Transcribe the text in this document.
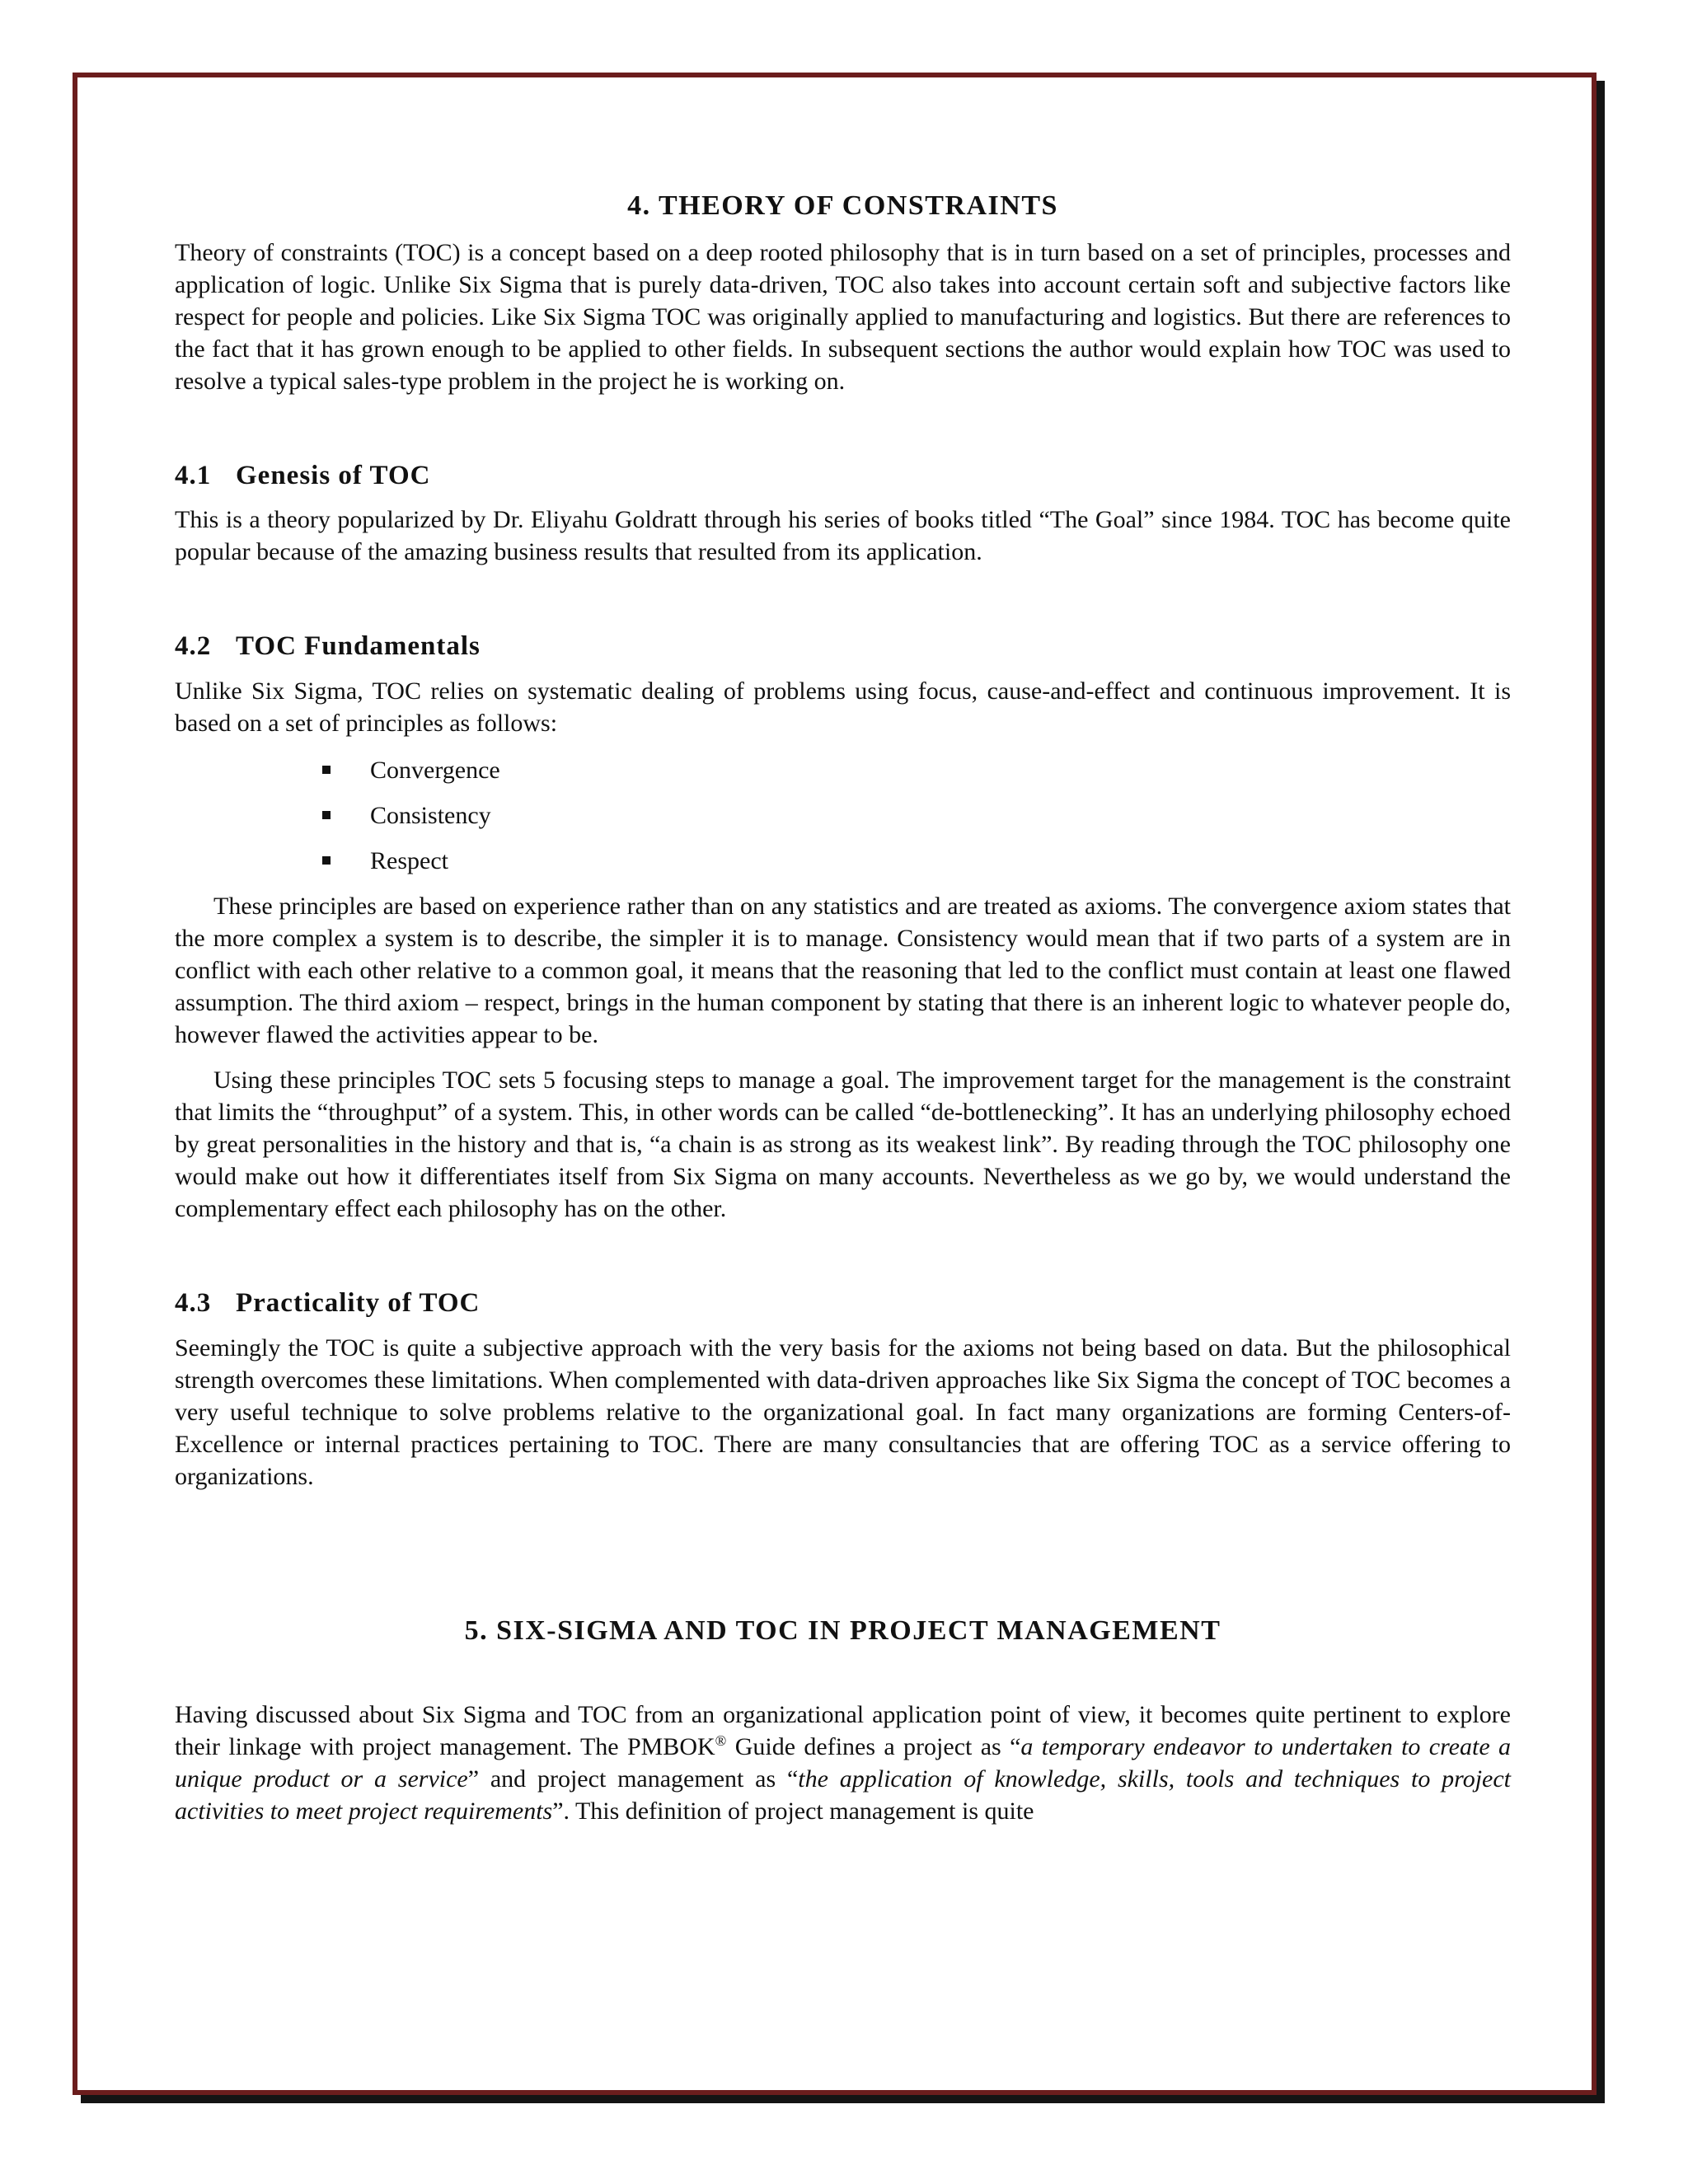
4. THEORY OF CONSTRAINTS

Theory of constraints (TOC) is a concept based on a deep rooted philosophy that is in turn based on a set of principles, processes and application of logic. Unlike Six Sigma that is purely data-driven, TOC also takes into account certain soft and subjective factors like respect for people and policies. Like Six Sigma TOC was originally applied to manufacturing and logistics. But there are references to the fact that it has grown enough to be applied to other fields. In subsequent sections the author would explain how TOC was used to resolve a typical sales-type problem in the project he is working on.

4.1 Genesis of TOC

This is a theory popularized by Dr. Eliyahu Goldratt through his series of books titled “The Goal” since 1984. TOC has become quite popular because of the amazing business results that resulted from its application.

4.2 TOC Fundamentals

Unlike Six Sigma, TOC relies on systematic dealing of problems using focus, cause-and-effect and continuous improvement. It is based on a set of principles as follows:

Convergence
Consistency
Respect

These principles are based on experience rather than on any statistics and are treated as axioms. The convergence axiom states that the more complex a system is to describe, the simpler it is to manage. Consistency would mean that if two parts of a system are in conflict with each other relative to a common goal, it means that the reasoning that led to the conflict must contain at least one flawed assumption. The third axiom – respect, brings in the human component by stating that there is an inherent logic to whatever people do, however flawed the activities appear to be.

Using these principles TOC sets 5 focusing steps to manage a goal. The improvement target for the management is the constraint that limits the “throughput” of a system. This, in other words can be called “de-bottlenecking”. It has an underlying philosophy echoed by great personalities in the history and that is, “a chain is as strong as its weakest link”. By reading through the TOC philosophy one would make out how it differentiates itself from Six Sigma on many accounts. Nevertheless as we go by, we would understand the complementary effect each philosophy has on the other.

4.3 Practicality of TOC

Seemingly the TOC is quite a subjective approach with the very basis for the axioms not being based on data. But the philosophical strength overcomes these limitations. When complemented with data-driven approaches like Six Sigma the concept of TOC becomes a very useful technique to solve problems relative to the organizational goal. In fact many organizations are forming Centers-of-Excellence or internal practices pertaining to TOC. There are many consultancies that are offering TOC as a service offering to organizations.

5. SIX-SIGMA AND TOC IN PROJECT MANAGEMENT

Having discussed about Six Sigma and TOC from an organizational application point of view, it becomes quite pertinent to explore their linkage with project management. The PMBOK® Guide defines a project as “a temporary endeavor to undertaken to create a unique product or a service” and project management as “the application of knowledge, skills, tools and techniques to project activities to meet project requirements”. This definition of project management is quite
